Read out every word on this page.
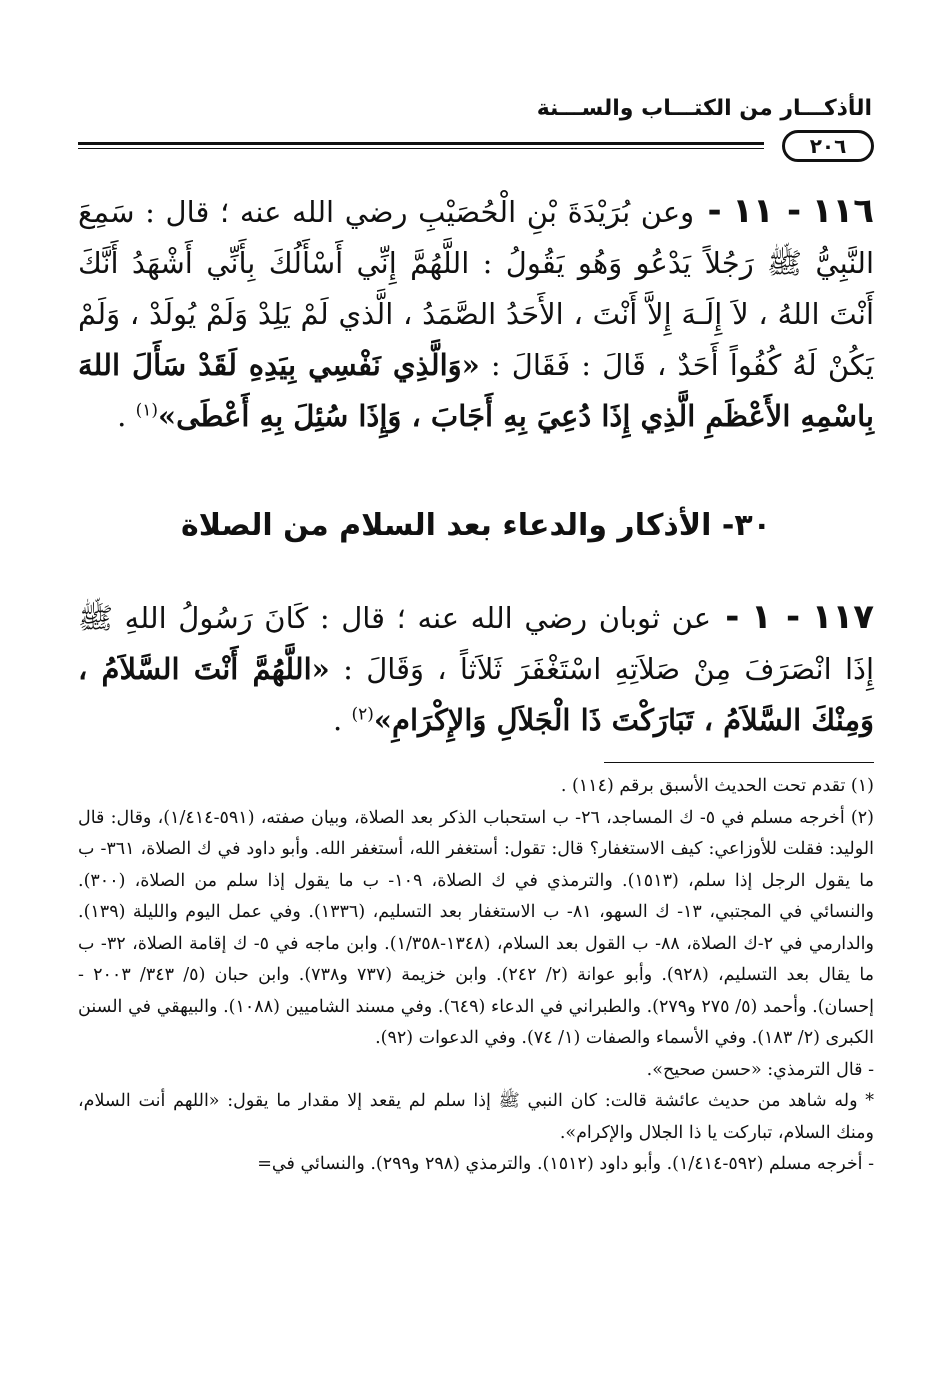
الأذكـــار من الكتـــاب والســـنة
٢٠٦
١١٦ - ١١ - وعن بُرَيْدَةَ بْنِ الْحُصَيْبِ رضي الله عنه ؛ قال : سَمِعَ النَّبِيُّ ﷺ رَجُلاً يَدْعُو وَهُو يَقُولُ : اللَّهُمَّ إِنِّي أَسْأَلُكَ بِأَنِّي أَشْهَدُ أَنَّكَ أَنْتَ اللهُ ، لاَ إِلَـهَ إِلاَّ أَنْتَ ، الأَحَدُ الصَّمَدُ ، الَّذي لَمْ يَلِدْ وَلَمْ يُولَدْ ، وَلَمْ يَكُنْ لَهُ كُفُواً أَحَدٌ ، قَالَ : فَقَالَ : «وَالَّذِي نَفْسِي بِيَدِهِ لَقَدْ سَأَلَ اللهَ بِاسْمِهِ الأَعْظَمِ الَّذِي إِذَا دُعِيَ بِهِ أَجَابَ ، وَإِذَا سُئِلَ بِهِ أَعْطَى»$^{(١)}$ .
٣٠- الأذكار والدعاء بعد السلام من الصلاة
١١٧ - ١ - عن ثوبان رضي الله عنه ؛ قال : كَانَ رَسُولُ اللهِ ﷺ إِذَا انْصَرَفَ مِنْ صَلاَتِهِ اسْتَغْفَرَ ثَلاَثاً ، وَقَالَ : «اللَّهُمَّ أَنْتَ السَّلاَمُ ، وَمِنْكَ السَّلاَمُ ، تَبَارَكْتَ ذَا الْجَلاَلِ وَالإِكْرَامِ»$^{(٢)}$ .

(١) تقدم تحت الحديث الأسبق برقم (١١٤) .

(٢) أخرجه مسلم في ٥- ك المساجد، ٢٦- ب استحباب الذكر بعد الصلاة، وبيان صفته، (٥٩١-١/٤١٤)، وقال: قال الوليد: فقلت للأوزاعي: كيف الاستغفار؟ قال: تقول: أستغفر الله، أستغفر الله. وأبو داود في ك الصلاة، ٣٦١- ب ما يقول الرجل إذا سلم، (١٥١٣). والترمذي في ك الصلاة، ١٠٩- ب ما يقول إذا سلم من الصلاة، (٣٠٠). والنسائي في المجتبي، ١٣- ك السهو، ٨١- ب الاستغفار بعد التسليم، (١٣٣٦). وفي عمل اليوم والليلة (١٣٩). والدارمي في ٢-ك الصلاة، ٨٨- ب القول بعد السلام، (١٣٤٨-١/٣٥٨). وابن ماجه في ٥- ك إقامة الصلاة، ٣٢- ب ما يقال بعد التسليم، (٩٢٨). وأبو عوانة (٢/ ٢٤٢). وابن خزيمة (٧٣٧ و٧٣٨). وابن حبان (٥/ ٣٤٣/ ٢٠٠٣ - إحسان). وأحمد (٥/ ٢٧٥ و٢٧٩). والطبراني في الدعاء (٦٤٩). وفي مسند الشاميين (١٠٨٨). والبيهقي في السنن الكبرى (٢/ ١٨٣). وفي الأسماء والصفات (١/ ٧٤). وفي الدعوات (٩٢).

- قال الترمذي: «حسن صحيح».

* وله شاهد من حديث عائشة قالت: كان النبي ﷺ إذا سلم لم يقعد إلا مقدار ما يقول: «اللهم أنت السلام، ومنك السلام، تباركت يا ذا الجلال والإكرام».

- أخرجه مسلم (٥٩٢-١/٤١٤). وأبو داود (١٥١٢). والترمذي (٢٩٨ و٢٩٩). والنسائي في=
